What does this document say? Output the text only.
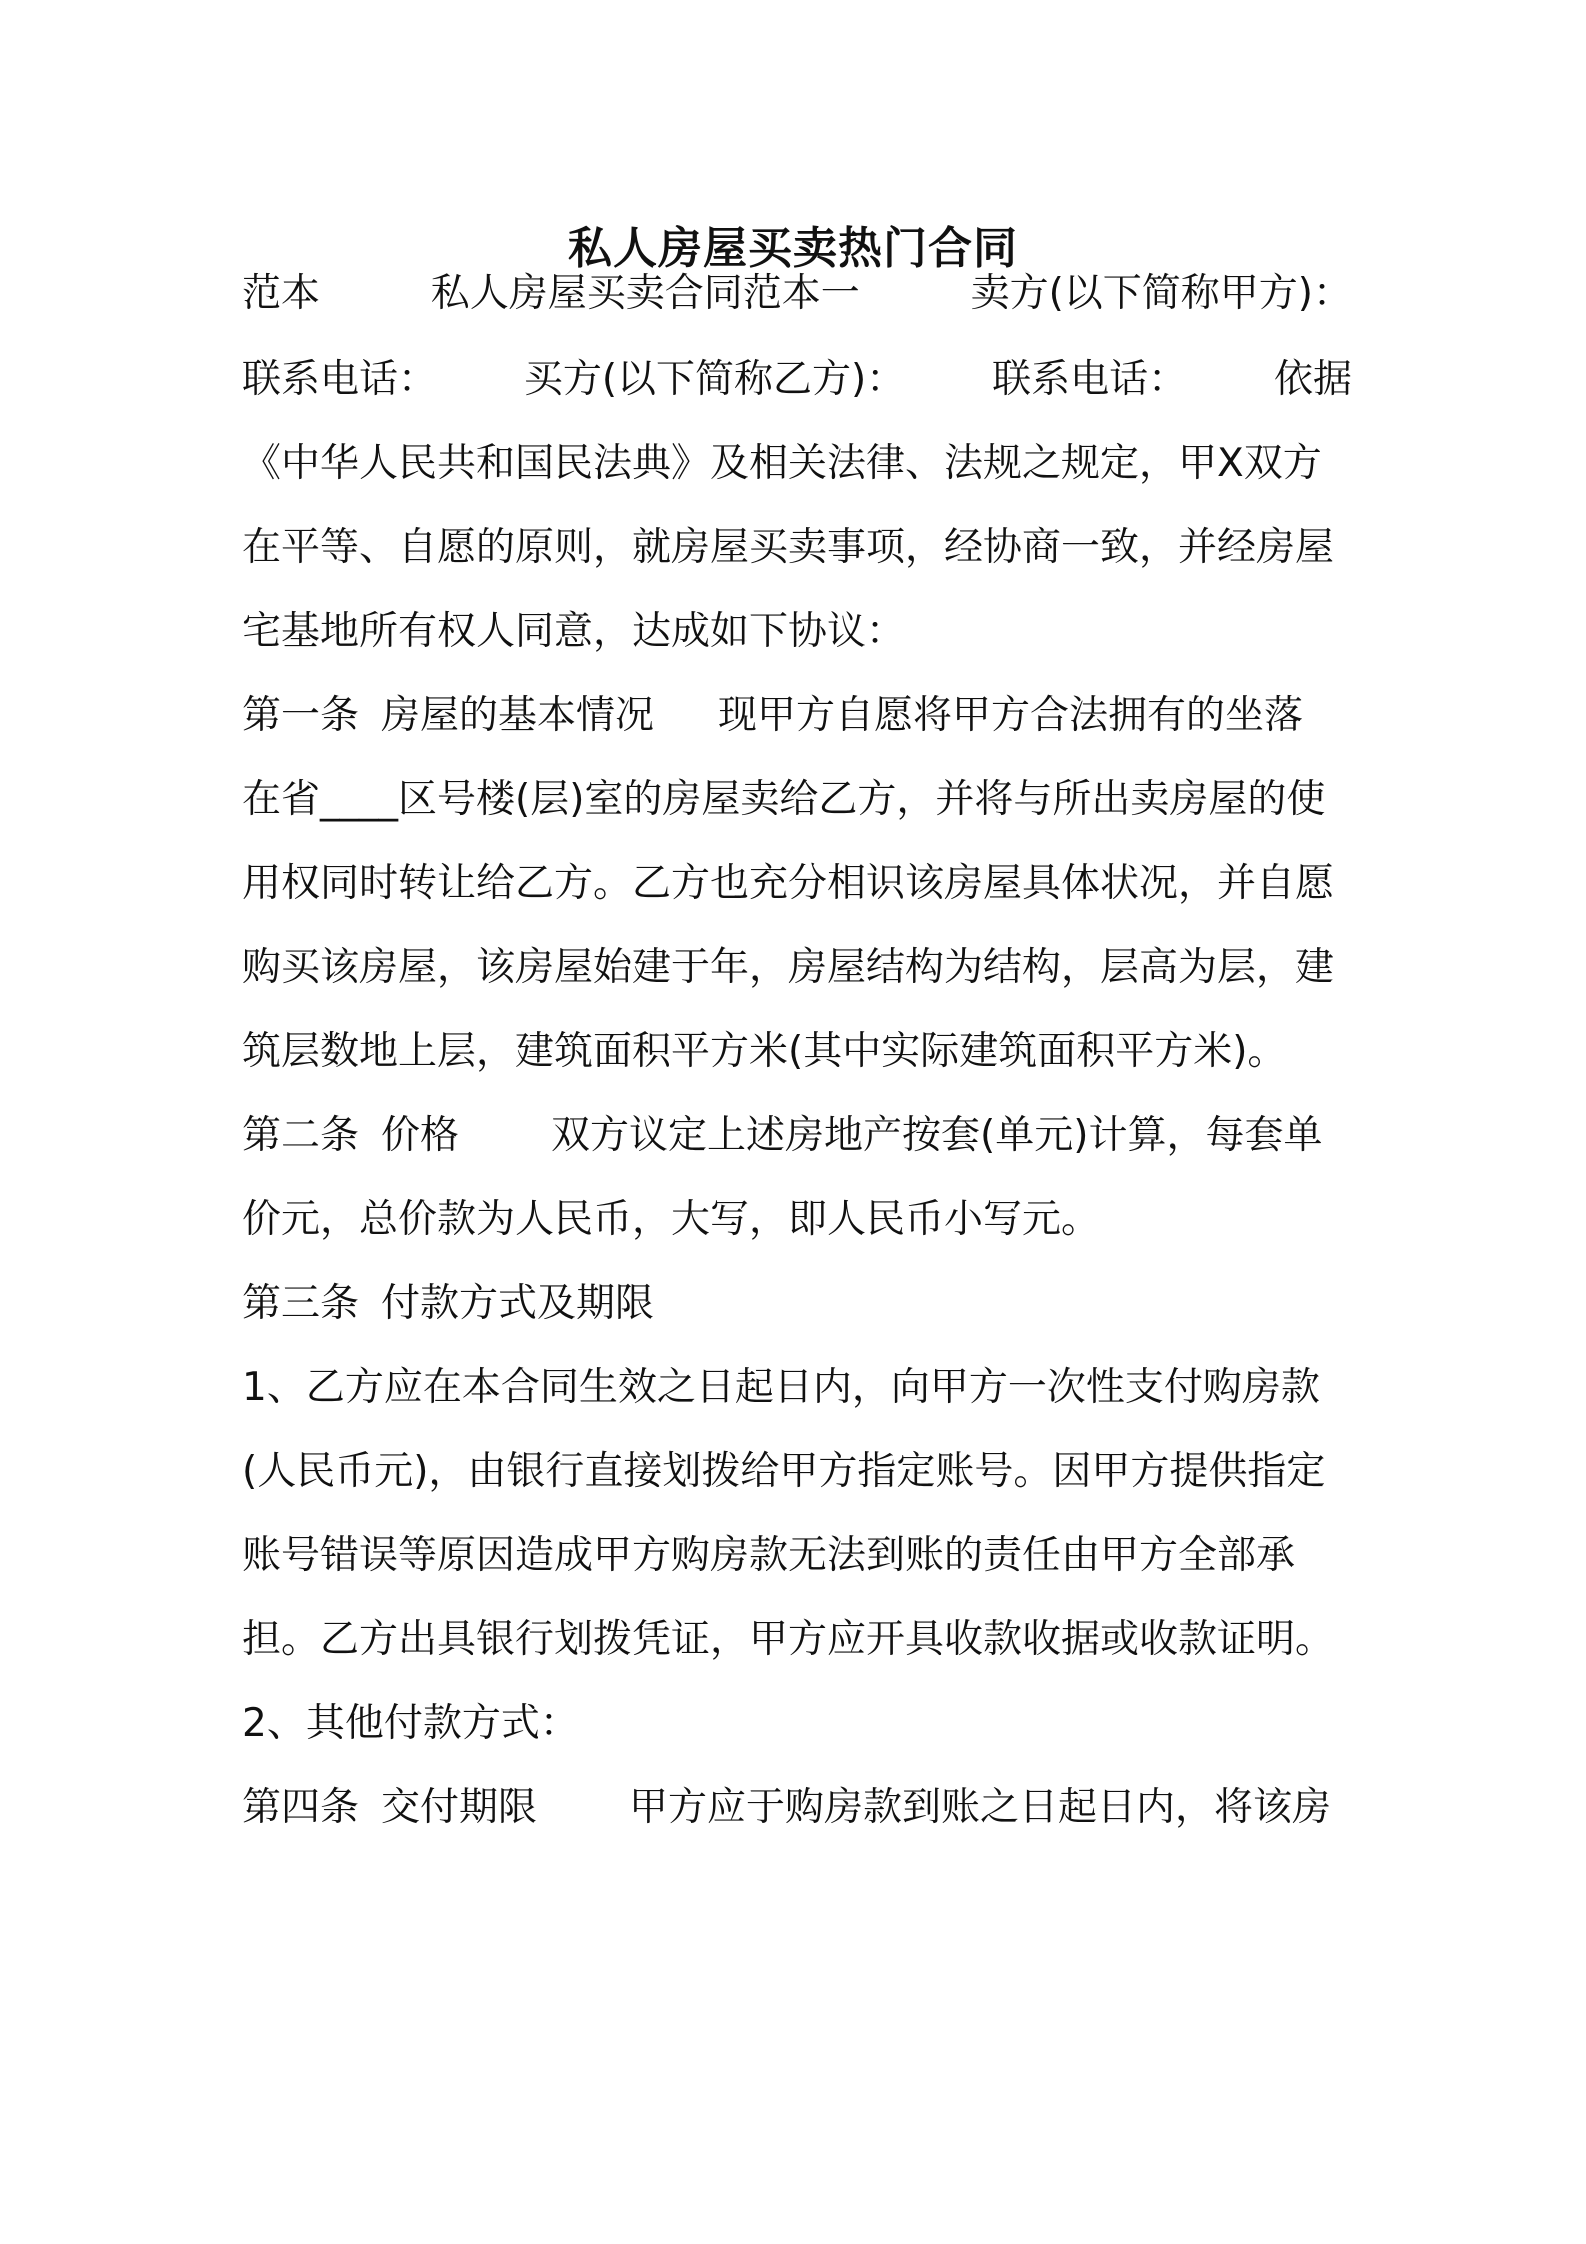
私人房屋买卖热门合同
范本	私人房屋买卖合同范本一	卖方(以下简称甲方)：
联系电话： 买方(以下简称乙方)： 联系电话： 依据
《中华人民共和国民法典》及相关法律、法规之规定，甲X双方
在平等、自愿的原则，就房屋买卖事项，经协商一致，并经房屋
宅基地所有权人同意，达成如下协议：
第一条 房屋的基本情况 现甲方自愿将甲方合法拥有的坐落
在省____区号楼(层)室的房屋卖给乙方，并将与所出卖房屋的使
用权同时转让给乙方。乙方也充分相识该房屋具体状况，并自愿
购买该房屋，该房屋始建于年，房屋结构为结构，层高为层，建
筑层数地上层，建筑面积平方米(其中实际建筑面积平方米)。
第二条 价格 双方议定上述房地产按套(单元)计算，每套单
价元，总价款为人民币，大写，即人民币小写元。
第三条 付款方式及期限
1、乙方应在本合同生效之日起日内，向甲方一次性支付购房款
(人民币元)，由银行直接划拨给甲方指定账号。因甲方提供指定
账号错误等原因造成甲方购房款无法到账的责任由甲方全部承
担。乙方出具银行划拨凭证，甲方应开具收款收据或收款证明。
2、其他付款方式：
第四条 交付期限 甲方应于购房款到账之日起日内，将该房
